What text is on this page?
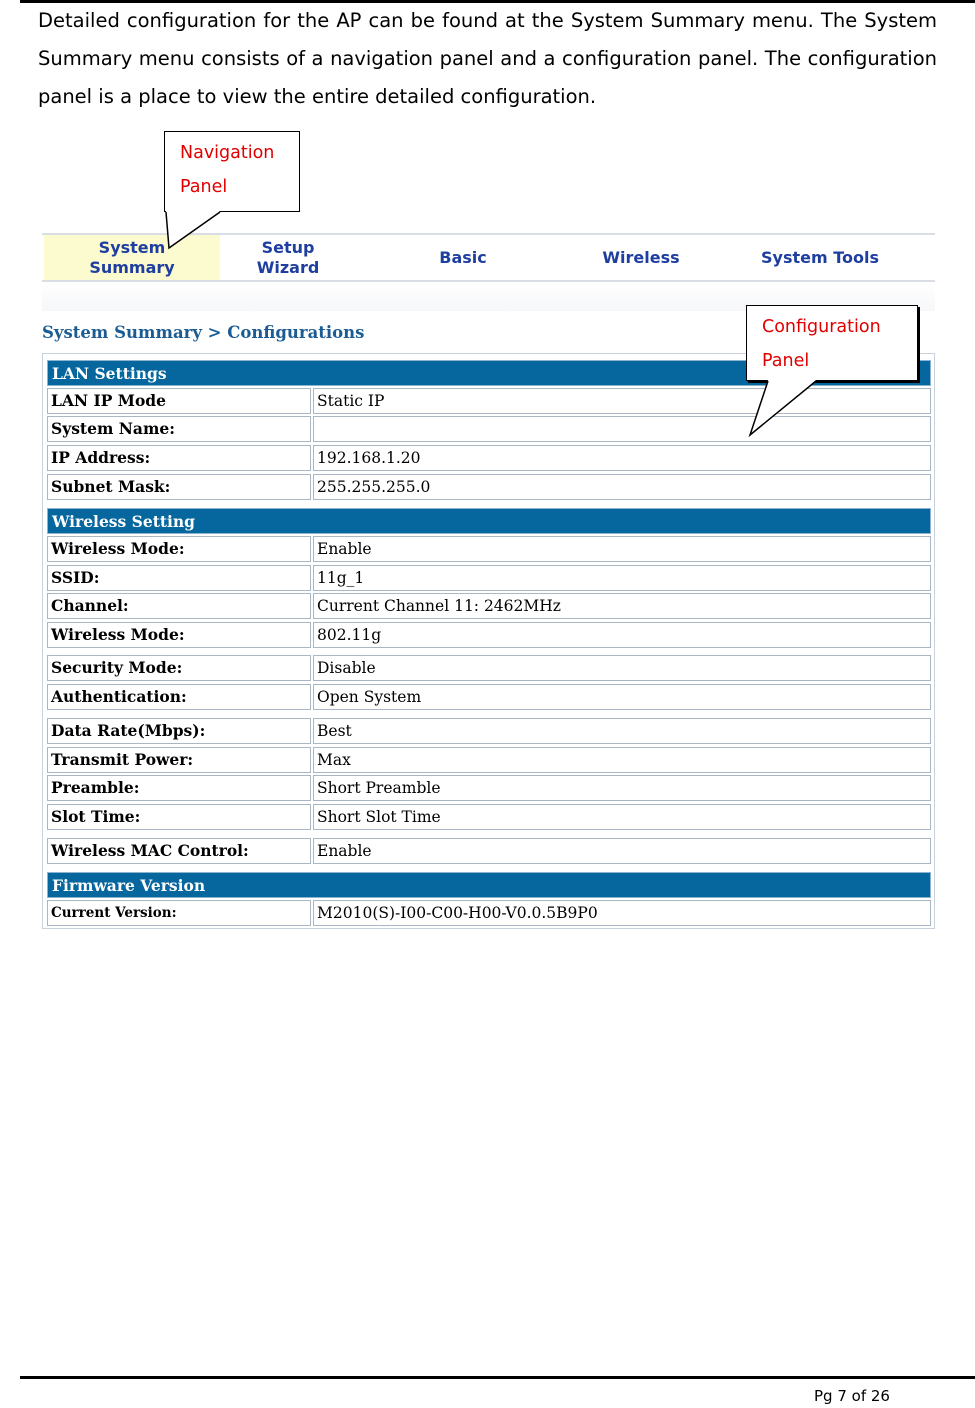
Detailed configuration for the AP can be found at the System Summary menu. The System Summary menu consists of a navigation panel and a configuration panel. The configuration panel is a place to view the entire detailed configuration.

Navigation
Panel
System
Summary
Setup Wizard
Basic	Wireless	System Tools
System Summary > Configurations
LAN Settings
LAN IP Mode	Static IP
System Name:
IP Address:	192.168.1.20
Subnet Mask:	255.255.255.0
Wireless Setting
Wireless Mode:	Enable
SSID:	11g_1
Channel:	Current Channel 11: 2462MHz
Wireless Mode:	802.11g
Security Mode:	Disable
Authentication:	Open System
Data Rate(Mbps):	Best
Transmit Power:	Max
Preamble:	Short Preamble
Slot Time:	Short Slot Time
Wireless MAC Control:	Enable
Firmware Version
Current Version:	M2010(S)-I00-C00-H00-V0.0.5B9P0
Configuration
Panel
Pg 7 of 26
